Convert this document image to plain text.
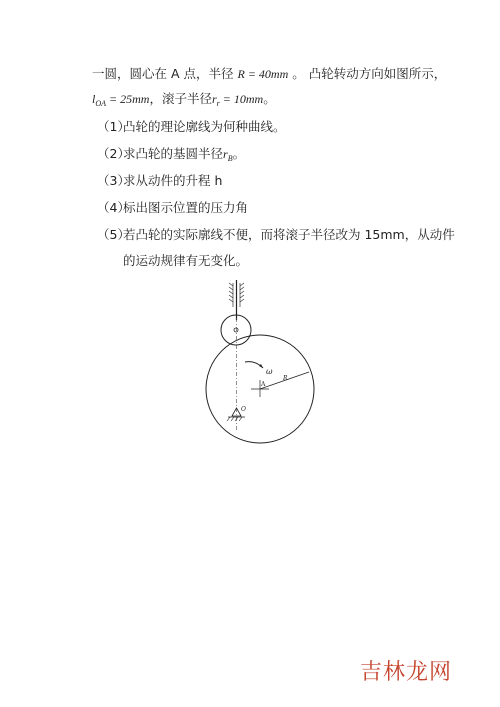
一圆，圆心在 A 点，半径 R = 40mm 。 凸轮转动方向如图所示，
$l_{OA} = 25mm$，滚子半径$r_r = 10mm$。
（1）凸轮的理论廓线为何种曲线。
（2）求凸轮的基圆半径$r_B$。
（3）求从动件的升程 h
（4）标出图示位置的压力角
（5）若凸轮的实际廓线不便，而将滚子半径改为 15mm，从动件
的运动规律有无变化。
ω
A
R
O
吉林龙网
